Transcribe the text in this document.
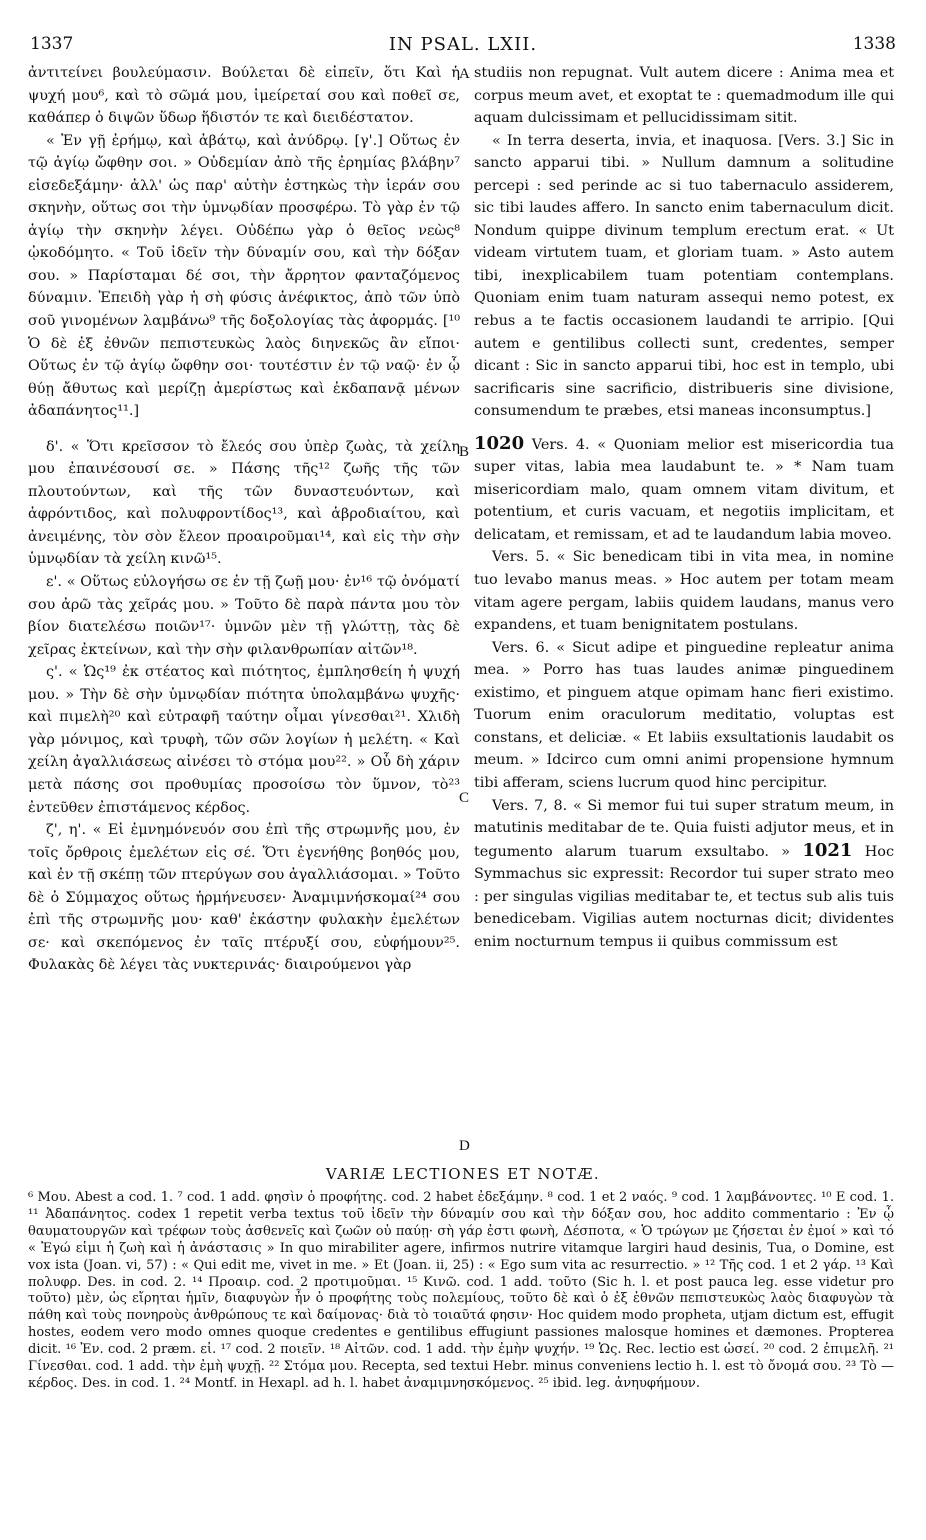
1337	IN PSAL. LXII.	1338
A
B
C
D

ἀντιτείνει βουλεύμασιν. Βούλεται δὲ εἰπεῖν, ὅτι Καὶ ἡ ψυχή μου⁶, καὶ τὸ σῶμά μου, ἱμείρεταί σου καὶ ποθεῖ σε, καθάπερ ὁ διψῶν ὕδωρ ἥδιστόν τε καὶ διειδέστατον.

« Ἐν γῇ ἐρήμῳ, καὶ ἀβάτῳ, καὶ ἀνύδρῳ. [γ'.] Οὕτως ἐν τῷ ἁγίῳ ὤφθην σοι. » Οὐδεμίαν ἀπὸ τῆς ἐρημίας βλάβην⁷ εἰσεδεξάμην· ἀλλ' ὡς παρ' αὐτὴν ἑστηκὼς τὴν ἱεράν σου σκηνὴν, οὕτως σοι τὴν ὑμνῳδίαν προσφέρω. Τὸ γὰρ ἐν τῷ ἁγίῳ τὴν σκηνὴν λέγει. Οὐδέπω γὰρ ὁ θεῖος νεὼς⁸ ᾠκοδόμητο. « Τοῦ ἰδεῖν τὴν δύναμίν σου, καὶ τὴν δόξαν σου. » Παρίσταμαι δέ σοι, τὴν ἄρρητον φανταζόμενος δύναμιν. Ἐπειδὴ γὰρ ἡ σὴ φύσις ἀνέφικτος, ἀπὸ τῶν ὑπὸ σοῦ γινομένων λαμβάνω⁹ τῆς δοξολογίας τὰς ἀφορμάς. [¹⁰ Ὁ δὲ ἐξ ἐθνῶν πεπιστευκὼς λαὸς διηνεκῶς ἂν εἴποι· Οὕτως ἐν τῷ ἁγίῳ ὤφθην σοι· τουτέστιν ἐν τῷ ναῷ· ἐν ᾧ θύῃ ἄθυτως καὶ μερίζῃ ἀμερίστως καὶ ἐκδαπανᾷ μένων ἀδαπάνητος¹¹.]

δ'. « Ὅτι κρεῖσσον τὸ ἔλεός σου ὑπὲρ ζωὰς, τὰ χείλη μου ἐπαινέσουσί σε. » Πάσης τῆς¹² ζωῆς τῆς τῶν πλουτούντων, καὶ τῆς τῶν δυναστευόντων, καὶ ἀφρόντιδος, καὶ πολυφροντίδος¹³, καὶ ἁβροδιαίτου, καὶ ἀνειμένης, τὸν σὸν ἔλεον προαιροῦμαι¹⁴, καὶ εἰς τὴν σὴν ὑμνῳδίαν τὰ χείλη κινῶ¹⁵.

ε'. « Οὕτως εὐλογήσω σε ἐν τῇ ζωῇ μου· ἐν¹⁶ τῷ ὀνόματί σου ἀρῶ τὰς χεῖράς μου. » Τοῦτο δὲ παρὰ πάντα μου τὸν βίον διατελέσω ποιῶν¹⁷· ὑμνῶν μὲν τῇ γλώττῃ, τὰς δὲ χεῖρας ἐκτείνων, καὶ τὴν σὴν φιλανθρωπίαν αἰτῶν¹⁸.

ς'. « Ὡς¹⁹ ἐκ στέατος καὶ πιότητος, ἐμπλησθείη ἡ ψυχή μου. » Τὴν δὲ σὴν ὑμνῳδίαν πιότητα ὑπολαμβάνω ψυχῆς· καὶ πιμελὴ²⁰ καὶ εὐτραφῆ ταύτην οἶμαι γίνεσθαι²¹. Χλιδὴ γὰρ μόνιμος, καὶ τρυφὴ, τῶν σῶν λογίων ἡ μελέτη. « Καὶ χείλη ἀγαλλιάσεως αἰνέσει τὸ στόμα μου²². » Οὗ δὴ χάριν μετὰ πάσης σοι προθυμίας προσοίσω τὸν ὕμνον, τὸ²³ ἐντεῦθεν ἐπιστάμενος κέρδος.

ζ', η'. « Εἰ ἐμνημόνευόν σου ἐπὶ τῆς στρωμνῆς μου, ἐν τοῖς ὄρθροις ἐμελέτων εἰς σέ. Ὅτι ἐγενήθης βοηθός μου, καὶ ἐν τῇ σκέπῃ τῶν πτερύγων σου ἀγαλλιάσομαι. » Τοῦτο δὲ ὁ Σύμμαχος οὕτως ἡρμήνευσεν· Ἀναμιμνήσκομαί²⁴ σου ἐπὶ τῆς στρωμνῆς μου· καθ' ἑκάστην φυλακὴν ἐμελέτων σε· καὶ σκεπόμενος ἐν ταῖς πτέρυξί σου, εὐφήμουν²⁵. Φυλακὰς δὲ λέγει τὰς νυκτερινάς· διαιρούμενοι γὰρ

studiis non repugnat. Vult autem dicere : Anima mea et corpus meum avet, et exoptat te : quemadmodum ille qui aquam dulcissimam et pellucidissimam sitit.

« In terra deserta, invia, et inaquosa. [Vers. 3.] Sic in sancto apparui tibi. » Nullum damnum a solitudine percepi : sed perinde ac si tuo tabernaculo assiderem, sic tibi laudes affero. In sancto enim tabernaculum dicit. Nondum quippe divinum templum erectum erat. « Ut videam virtutem tuam, et gloriam tuam. » Asto autem tibi, inexplicabilem tuam potentiam contemplans. Quoniam enim tuam naturam assequi nemo potest, ex rebus a te factis occasionem laudandi te arripio. [Qui autem e gentilibus collecti sunt, credentes, semper dicant : Sic in sancto apparui tibi, hoc est in templo, ubi sacrificaris sine sacrificio, distribueris sine divisione, consumendum te præbes, etsi maneas inconsumptus.]

1020 Vers. 4. « Quoniam melior est misericordia tua super vitas, labia mea laudabunt te. » * Nam tuam misericordiam malo, quam omnem vitam divitum, et potentium, et curis vacuam, et negotiis implicitam, et delicatam, et remissam, et ad te laudandum labia moveo.

Vers. 5. « Sic benedicam tibi in vita mea, in nomine tuo levabo manus meas. » Hoc autem per totam meam vitam agere pergam, labiis quidem laudans, manus vero expandens, et tuam benignitatem postulans.

Vers. 6. « Sicut adipe et pinguedine repleatur anima mea. » Porro has tuas laudes animæ pinguedinem existimo, et pinguem atque opimam hanc fieri existimo. Tuorum enim oraculorum meditatio, voluptas est constans, et deliciæ. « Et labiis exsultationis laudabit os meum. » Idcirco cum omni animi propensione hymnum tibi afferam, sciens lucrum quod hinc percipitur.

Vers. 7, 8. « Si memor fui tui super stratum meum, in matutinis meditabar de te. Quia fuisti adjutor meus, et in tegumento alarum tuarum exsultabo. » 1021 Hoc Symmachus sic expressit: Recordor tui super strato meo : per singulas vigilias meditabar te, et tectus sub alis tuis benedicebam. Vigilias autem nocturnas dicit; dividentes enim nocturnum tempus ii quibus commissum est

VARIÆ LECTIONES ET NOTÆ.

⁶ Μου. Abest a cod. 1. ⁷ cod. 1 add. φησὶν ὁ προφήτης. cod. 2 habet ἐδεξάμην. ⁸ cod. 1 et 2 ναός. ⁹ cod. 1 λαμβάνοντες. ¹⁰ E cod. 1. ¹¹ Ἀδαπάνητος. codex 1 repetit verba textus τοῦ ἰδεῖν τὴν δύναμίν σου καὶ τὴν δόξαν σου, hoc addito commentario : Ἐν ᾧ θαυματουργῶν καὶ τρέφων τοὺς ἀσθενεῖς καὶ ζωῶν οὐ παύῃ· σὴ γάρ ἐστι φωνὴ, Δέσποτα, « Ὁ τρώγων με ζήσεται ἐν ἐμοί » καὶ τό « Ἐγώ εἰμι ἡ ζωὴ καὶ ἡ ἀνάστασις » In quo mirabiliter agere, infirmos nutrire vitamque largiri haud desinis, Tua, o Domine, est vox ista (Joan. vi, 57) : « Qui edit me, vivet in me. » Et (Joan. ii, 25) : « Ego sum vita ac resurrectio. » ¹² Τῆς cod. 1 et 2 γάρ. ¹³ Καὶ πολυφρ. Des. in cod. 2. ¹⁴ Προαιρ. cod. 2 προτιμοῦμαι. ¹⁵ Κινῶ. cod. 1 add. τοῦτο (Sic h. l. et post pauca leg. esse videtur pro τοῦτο) μὲν, ὡς εἴρηται ἡμῖν, διαφυγὼν ἦν ὁ προφήτης τοὺς πολεμίους, τοῦτο δὲ καὶ ὁ ἐξ ἐθνῶν πεπιστευκὼς λαὸς διαφυγὼν τὰ πάθη καὶ τοὺς πονηροὺς ἀνθρώπους τε καὶ δαίμονας· διὰ τὸ τοιαῦτά φησιν· Hoc quidem modo propheta, utjam dictum est, effugit hostes, eodem vero modo omnes quoque credentes e gentilibus effugiunt passiones malosque homines et dæmones. Propterea dicit. ¹⁶ Ἐν. cod. 2 præm. εἰ. ¹⁷ cod. 2 ποιεῖν. ¹⁸ Αἰτῶν. cod. 1 add. τὴν ἐμὴν ψυχήν. ¹⁹ Ὡς. Rec. lectio est ὡσεί. ²⁰ cod. 2 ἐπιμελῆ. ²¹ Γίνεσθαι. cod. 1 add. τὴν ἐμὴ ψυχῇ. ²² Στόμα μου. Recepta, sed textui Hebr. minus conveniens lectio h. l. est τὸ ὄνομά σου. ²³ Τὸ — κέρδος. Des. in cod. 1. ²⁴ Montf. in Hexapl. ad h. l. habet ἀναμιμνησκόμενος. ²⁵ ibid. leg. ἀνηυφήμουν.
